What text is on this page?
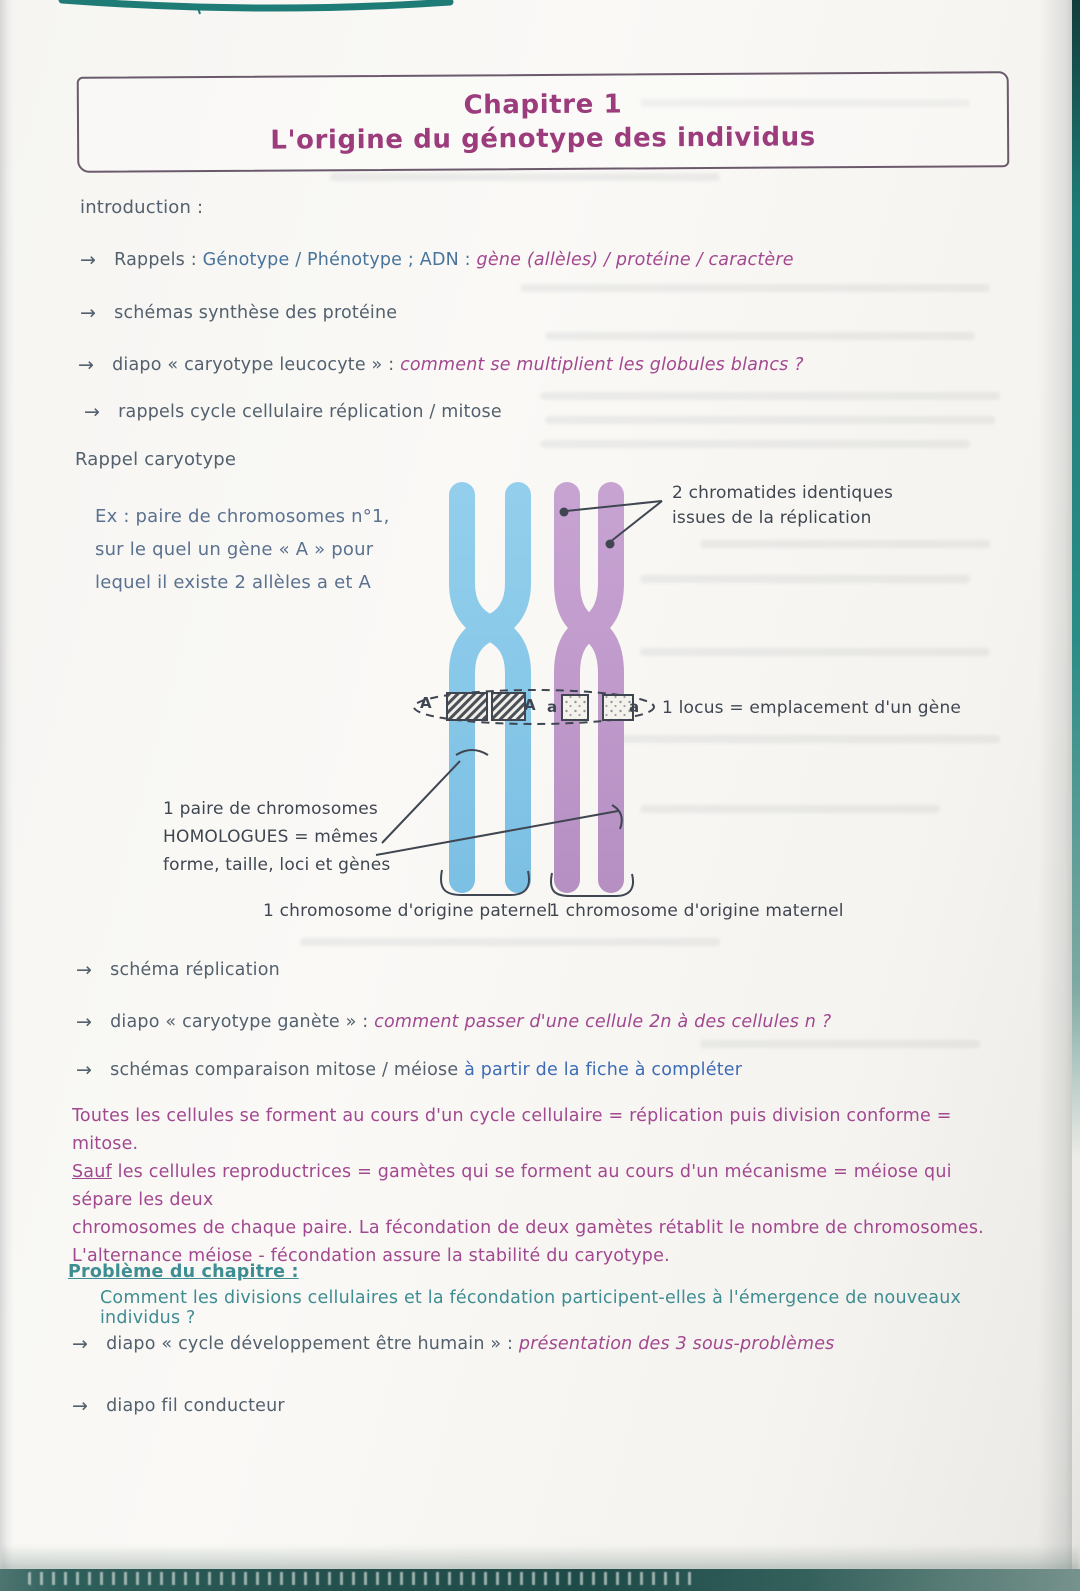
Chapitre 1
L'origine du génotype des individus
introduction :
→ Rappels : Génotype / Phénotype ; ADN : gène (allèles) / protéine / caractère
→ schémas synthèse des protéine
→ diapo « caryotype leucocyte » : comment se multiplient les globules blancs ?
→ rappels cycle cellulaire réplication / mitose
Rappel caryotype
Ex : paire de chromosomes n°1,
sur le quel un gène « A » pour
lequel il existe 2 allèles a et A
A	A a	a
2 chromatides identiques
issues de la réplication
1 locus = emplacement d'un gène
1 paire de chromosomes
HOMOLOGUES = mêmes
forme, taille, loci et gènes
1 chromosome d'origine paternel
1 chromosome d'origine maternel
→ schéma réplication
→ diapo « caryotype ganète » : comment passer d'une cellule 2n à des cellules n ?
→ schémas comparaison mitose / méiose à partir de la fiche à compléter
Toutes les cellules se forment au cours d'un cycle cellulaire = réplication puis division conforme = mitose.
Sauf les cellules reproductrices = gamètes qui se forment au cours d'un mécanisme = méiose qui sépare les deux
chromosomes de chaque paire. La fécondation de deux gamètes rétablit le nombre de chromosomes.
L'alternance méiose - fécondation assure la stabilité du caryotype.
Problème du chapitre :
Comment les divisions cellulaires et la fécondation participent-elles à l'émergence de nouveaux individus ?
→ diapo « cycle développement être humain » : présentation des 3 sous-problèmes
→ diapo fil conducteur
